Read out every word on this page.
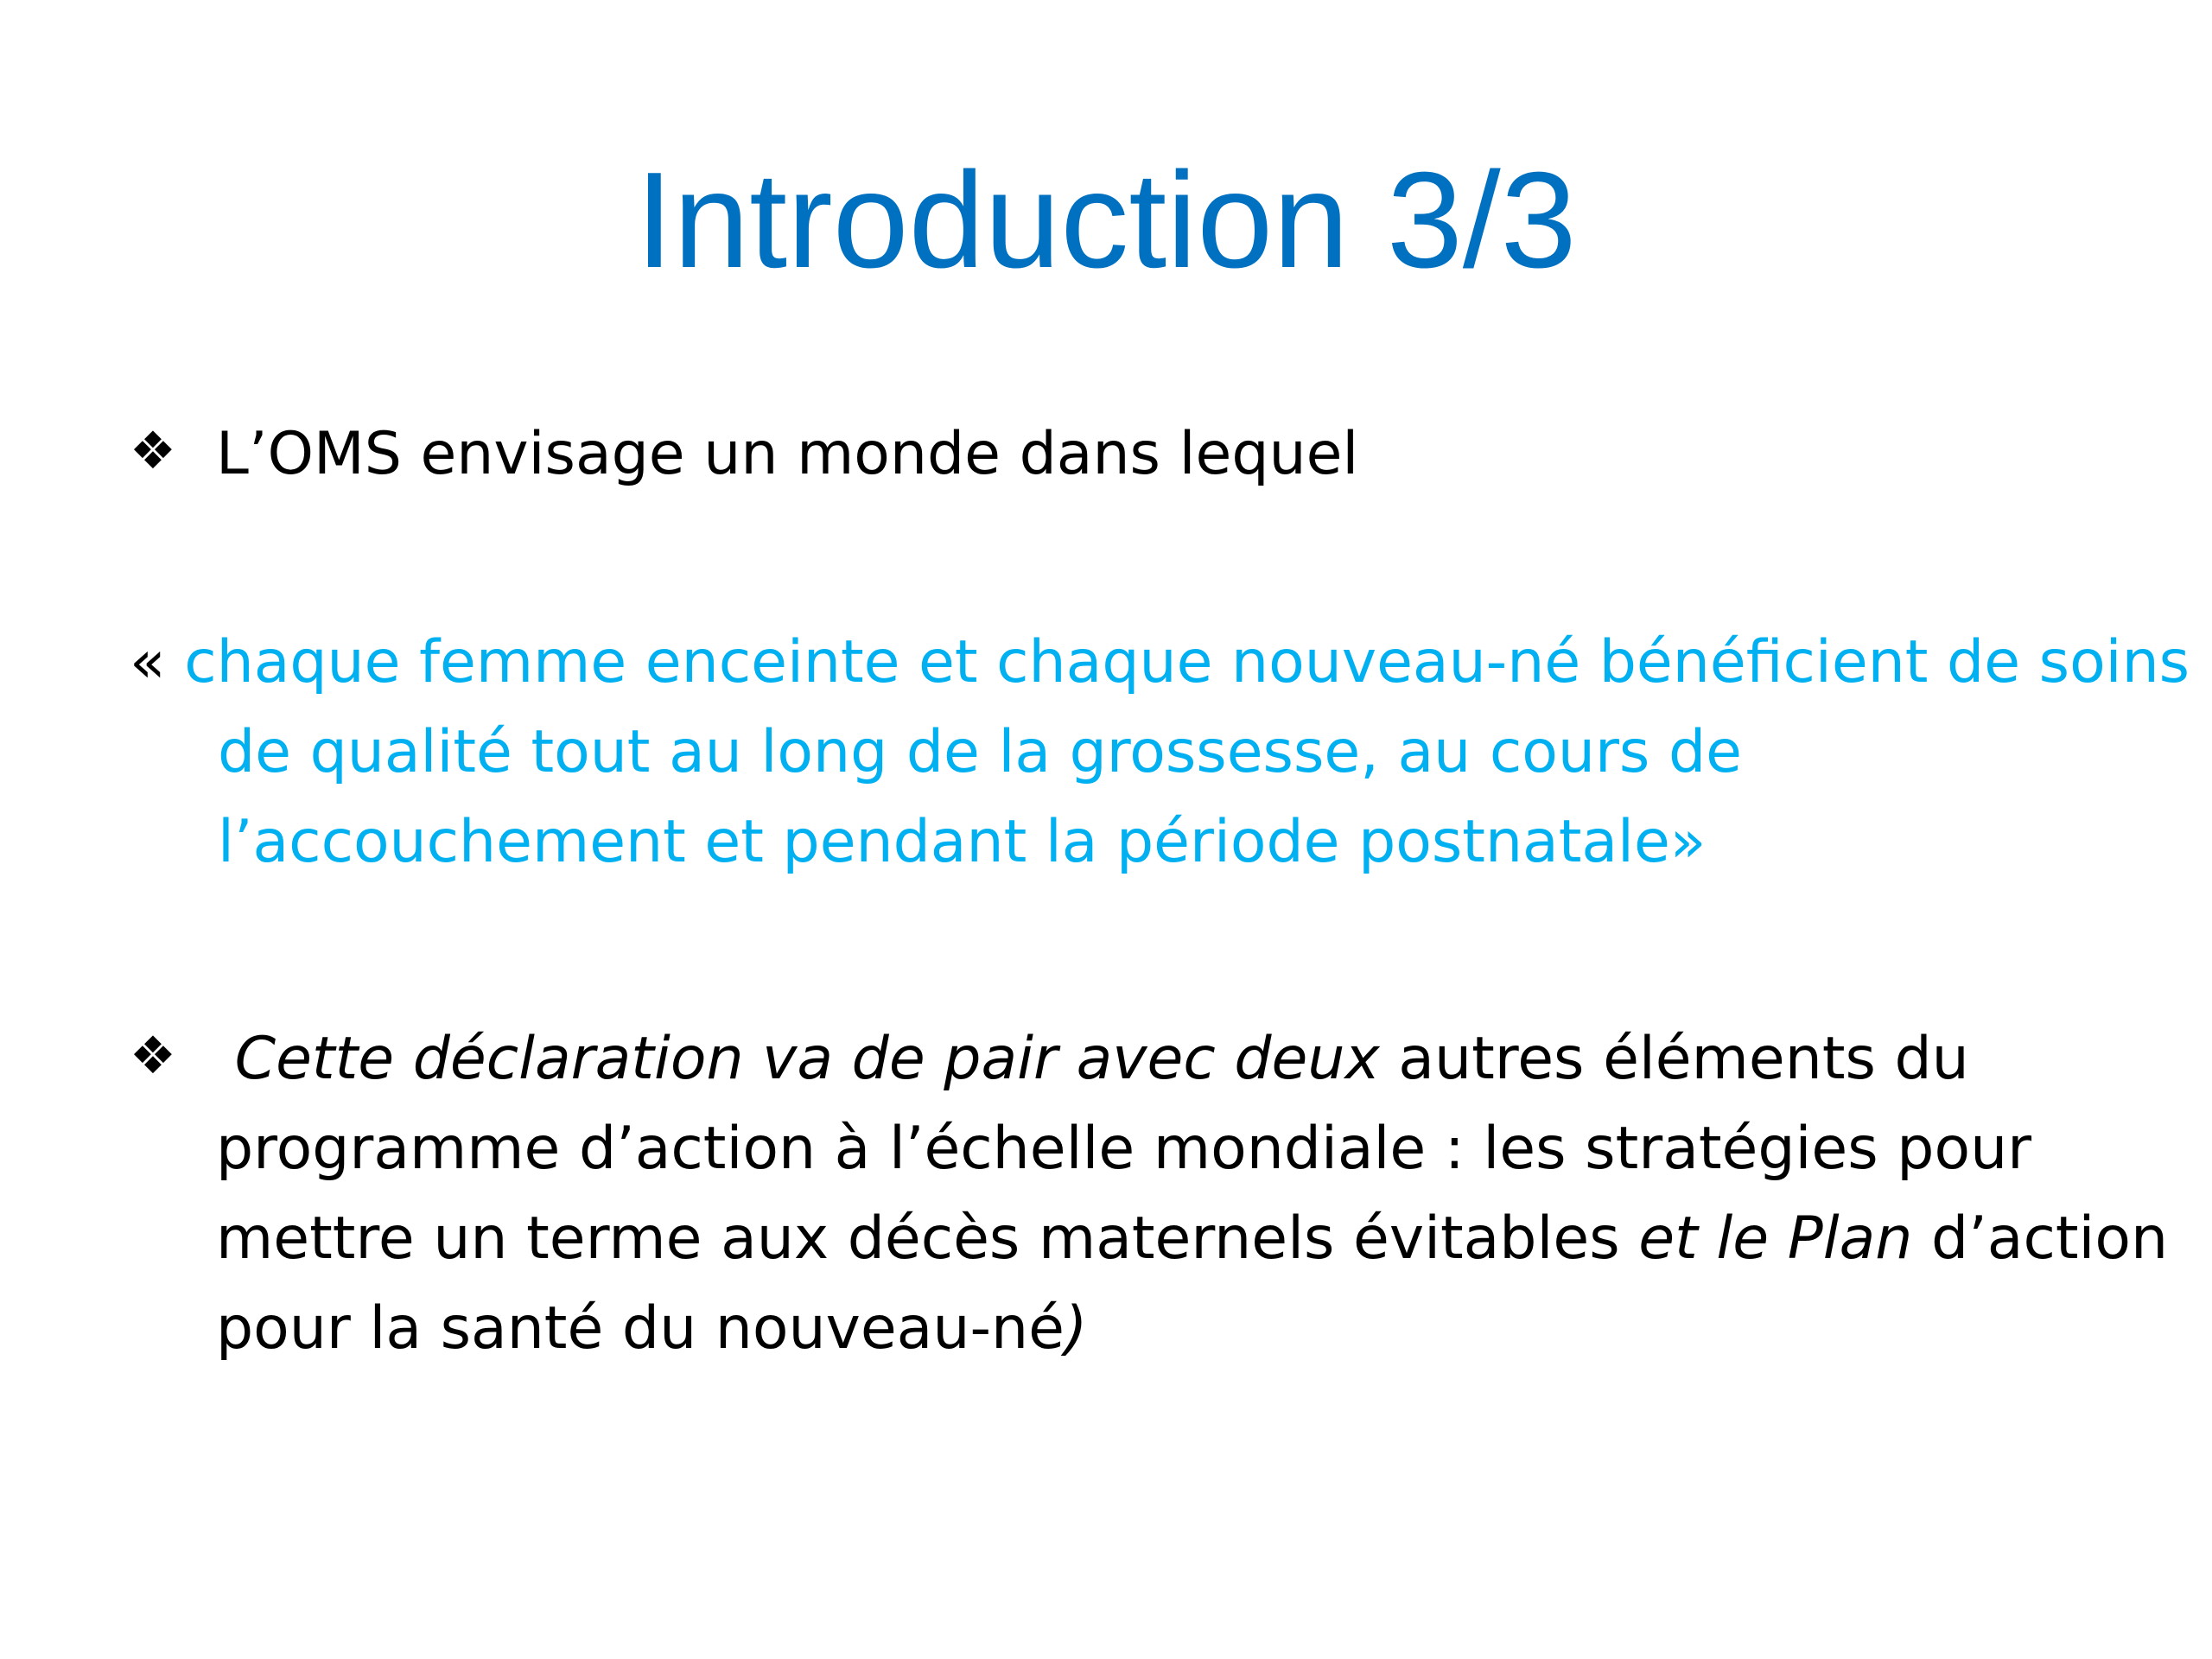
Introduction 3/3
❖ L’OMS envisage un monde dans lequel
« chaque femme enceinte et chaque nouveau-né bénéficient de soins de qualité tout au long de la grossesse, au cours de l’accouchement et pendant la période postnatale»
❖ Cette déclaration va de pair avec deux autres éléments du programme d’action à l’échelle mondiale : les stratégies pour mettre un terme aux décès maternels évitables et le Plan d’action pour la santé du nouveau-né)
